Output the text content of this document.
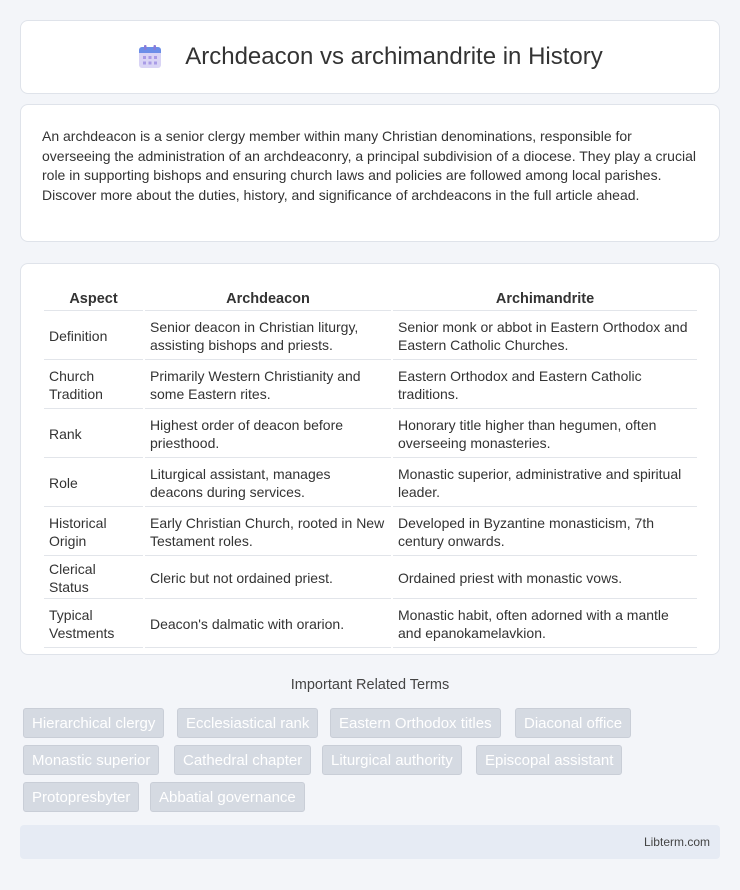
Archdeacon vs archimandrite in History

An archdeacon is a senior clergy member within many Christian denominations, responsible for overseeing the administration of an archdeaconry, a principal subdivision of a diocese. They play a crucial role in supporting bishops and ensuring church laws and policies are followed among local parishes. Discover more about the duties, history, and significance of archdeacons in the full article ahead.

Aspect	Archdeacon	Archimandrite
Definition	Senior deacon in Christian liturgy, assisting bishops and priests.	Senior monk or abbot in Eastern Orthodox and Eastern Catholic Churches.
Church Tradition	Primarily Western Christianity and some Eastern rites.	Eastern Orthodox and Eastern Catholic traditions.
Rank	Highest order of deacon before priesthood.	Honorary title higher than hegumen, often overseeing monasteries.
Role	Liturgical assistant, manages deacons during services.	Monastic superior, administrative and spiritual leader.
Historical Origin	Early Christian Church, rooted in New Testament roles.	Developed in Byzantine monasticism, 7th century onwards.
Clerical Status	Cleric but not ordained priest.	Ordained priest with monastic vows.
Typical Vestments	Deacon's dalmatic with orarion.	Monastic habit, often adorned with a mantle and epanokamelavkion.
Important Related Terms
Hierarchical clergy	Ecclesiastical rank	Eastern Orthodox titles	Diaconal office
Monastic superior	Cathedral chapter	Liturgical authority	Episcopal assistant
Protopresbyter	Abbatial governance
Libterm.com
